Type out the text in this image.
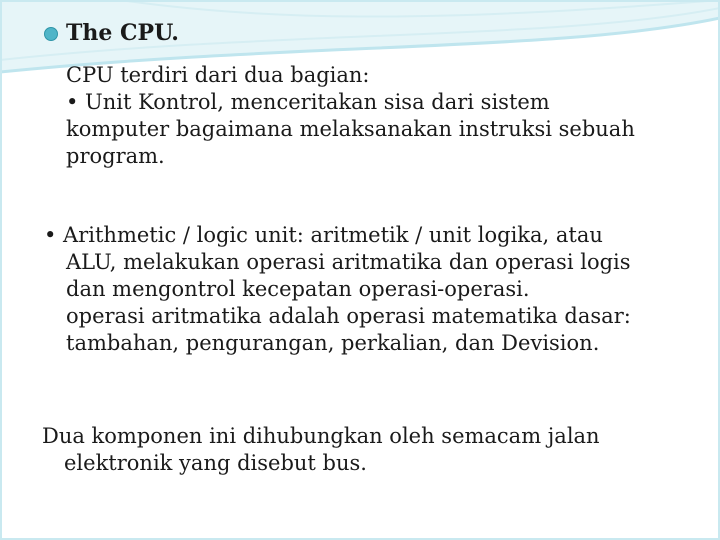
The CPU.

CPU terdiri dari dua bagian:
• Unit Kontrol, menceritakan sisa dari sistem
komputer bagaimana melaksanakan instruksi sebuah
program.
• Arithmetic / logic unit: aritmetik / unit logika, atau
ALU, melakukan operasi aritmatika dan operasi logis
dan mengontrol kecepatan operasi-operasi.
operasi aritmatika adalah operasi matematika dasar:
tambahan, pengurangan, perkalian, dan Devision.
Dua komponen ini dihubungkan oleh semacam jalan
elektronik yang disebut bus.
